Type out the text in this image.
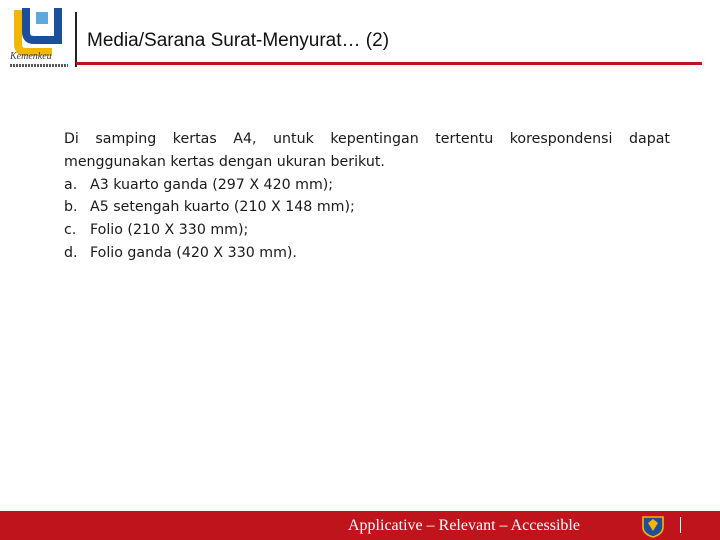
Kemenkeu
Media/Sarana Surat-Menyurat… (2)
Di samping kertas A4, untuk kepentingan tertentu korespondensi dapat menggunakan kertas dengan ukuran berikut.
a. A3 kuarto ganda (297 X 420 mm);
b. A5 setengah kuarto (210 X 148 mm);
c. Folio (210 X 330 mm);
d. Folio ganda (420 X 330 mm).
Applicative – Relevant – Accessible
